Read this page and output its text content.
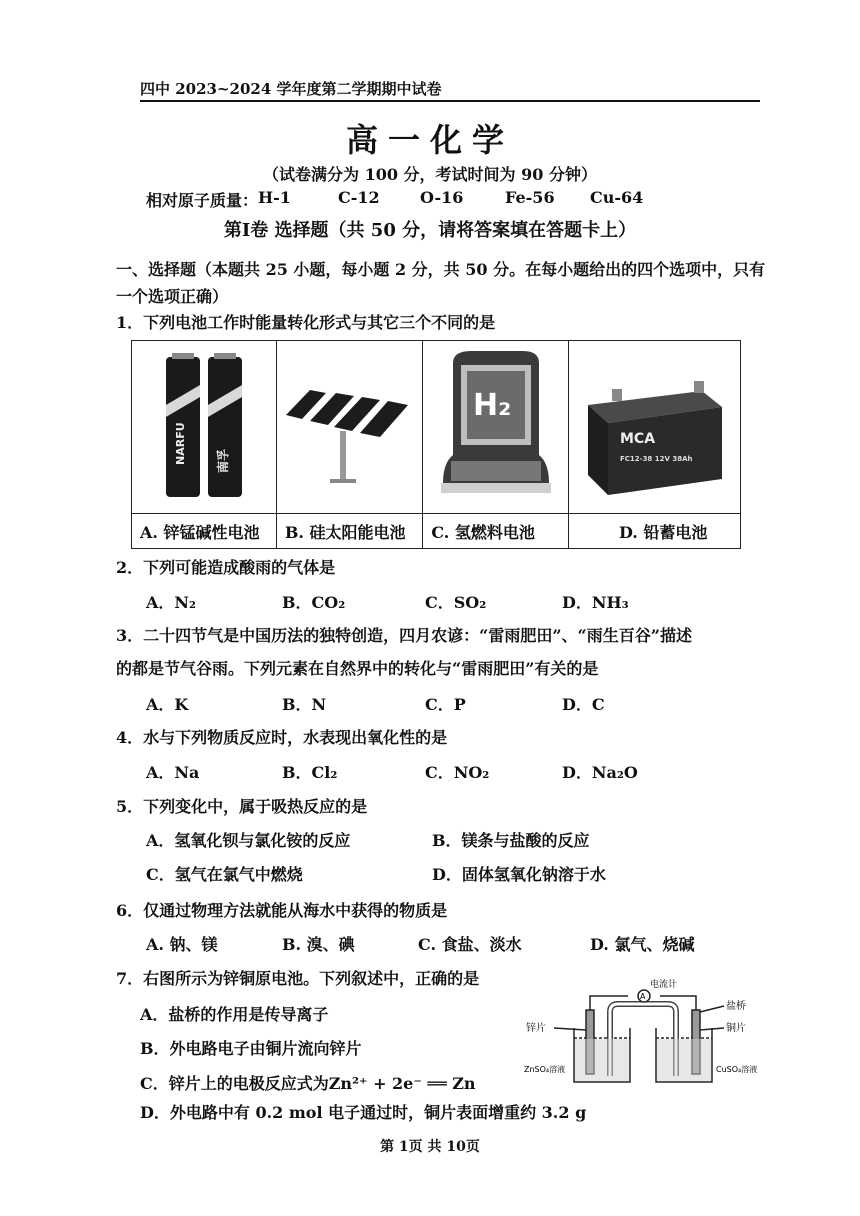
四中 2023~2024 学年度第二学期期中试卷
高一化学
（试卷满分为 100 分，考试时间为 90 分钟）
相对原子质量： H-1	C-12	O-16	Fe-56	Cu-64
第Ⅰ卷 选择题（共 50 分，请将答案填在答题卡上）
一、选择题（本题共 25 小题，每小题 2 分，共 50 分。在每小题给出的四个选项中，只有一个选项正确）
1．下列电池工作时能量转化形式与其它三个不同的是
NARFU 南孚		H₂	MCA
FC12-38 12V 38Ah

A. 锌锰碱性电池	B. 硅太阳能电池	C. 氢燃料电池	D. 铅蓄电池
2．下列可能造成酸雨的气体是
A．N₂	B．CO₂	C．SO₂	D．NH₃
3．二十四节气是中国历法的独特创造，四月农谚：“雷雨肥田”、“雨生百谷”描述
的都是节气谷雨。下列元素在自然界中的转化与“雷雨肥田”有关的是
A．K	B．N	C．P	D．C
4．水与下列物质反应时，水表现出氧化性的是
A．Na	B．Cl₂	C．NO₂	D．Na₂O
5．下列变化中，属于吸热反应的是
A．氢氧化钡与氯化铵的反应	B．镁条与盐酸的反应
C．氢气在氯气中燃烧	D．固体氢氧化钠溶于水
6．仅通过物理方法就能从海水中获得的物质是
A. 钠、镁	B. 溴、碘	C. 食盐、淡水	D. 氯气、烧碱
7．右图所示为锌铜原电池。下列叙述中，正确的是
A．盐桥的作用是传导离子
B．外电路电子由铜片流向锌片
C．锌片上的电极反应式为Zn²⁺ + 2e⁻ ══ Zn
D．外电路中有 0.2 mol 电子通过时，铜片表面增重约 3.2 g
A
电流计
盐桥
铜片
锌片
ZnSO₄溶液	CuSO₄溶液
第 1页 共 10页
